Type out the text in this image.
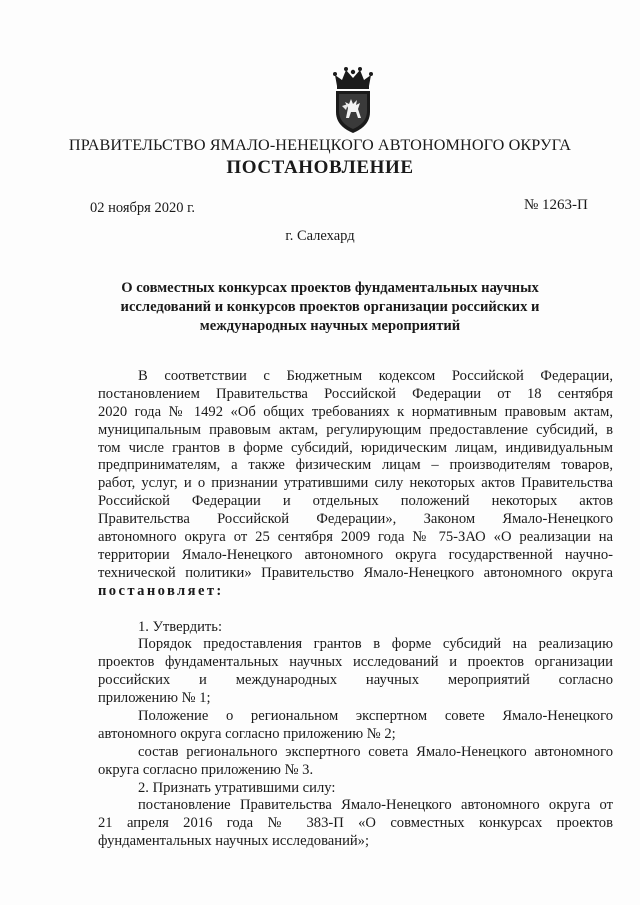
ПРАВИТЕЛЬСТВО ЯМАЛО-НЕНЕЦКОГО АВТОНОМНОГО ОКРУГА
ПОСТАНОВЛЕНИЕ
02 ноября 2020 г.	№ 1263-П
г. Салехард
О совместных конкурсах проектов фундаментальных научных
исследований и конкурсов проектов организации российских и
международных научных мероприятий
В соответствии с Бюджетным кодексом Российской Федерации,
постановлением Правительства Российской Федерации от 18 сентября
2020 года № 1492 «Об общих требованиях к нормативным правовым актам,
муниципальным правовым актам, регулирующим предоставление субсидий, в
том числе грантов в форме субсидий, юридическим лицам, индивидуальным
предпринимателям, а также физическим лицам – производителям товаров,
работ, услуг, и о признании утратившими силу некоторых актов Правительства
Российской Федерации и отдельных положений некоторых актов
Правительства Российской Федерации», Законом Ямало-Ненецкого
автономного округа от 25 сентября 2009 года № 75-ЗАО «О реализации на
территории Ямало-Ненецкого автономного округа государственной научно-
технической политики» Правительство Ямало-Ненецкого автономного округа
постановляет:
1. Утвердить:
Порядок предоставления грантов в форме субсидий на реализацию
проектов фундаментальных научных исследований и проектов организации
российских и международных научных мероприятий согласно
приложению № 1;
Положение о региональном экспертном совете Ямало-Ненецкого
автономного округа согласно приложению № 2;
состав регионального экспертного совета Ямало-Ненецкого автономного
округа согласно приложению № 3.
2. Признать утратившими силу:
постановление Правительства Ямало-Ненецкого автономного округа от
21 апреля 2016 года № 383-П «О совместных конкурсах проектов
фундаментальных научных исследований»;
